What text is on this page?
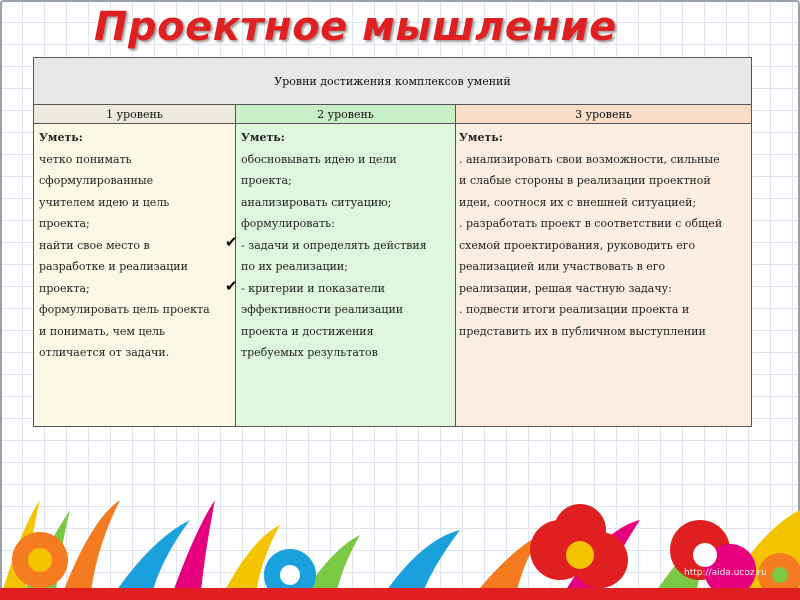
Проектное мышление
Уровни достижения комплексов умений
1 уровень	2 уровень	3 уровень

Уметь:

четко понимать

сформулированные

учителем идею и цель

проекта;

найти свое место в

разработке и реализации

проекта;

формулировать цель проекта

и понимать, чем цель

отличается от задачи.

Уметь:

обосновывать идею и цели

проекта;

анализировать ситуацию;

формулировать:

- задачи и определять действия

по их реализации;

- критерии и показатели

эффективности реализации

проекта и достижения

требуемых результатов

Уметь:

. анализировать свои возможности, сильные

и слабые стороны в реализации проектной

идеи, соотнося их с внешней ситуацией;

. разработать проект в соответствии с общей

схемой проектирования, руководить его

реализацией или участвовать в его

реализации, решая частную задачу:

. подвести итоги реализации проекта и

представить их в публичном выступлении

✔
✔
http://aida.ucoz.ru
